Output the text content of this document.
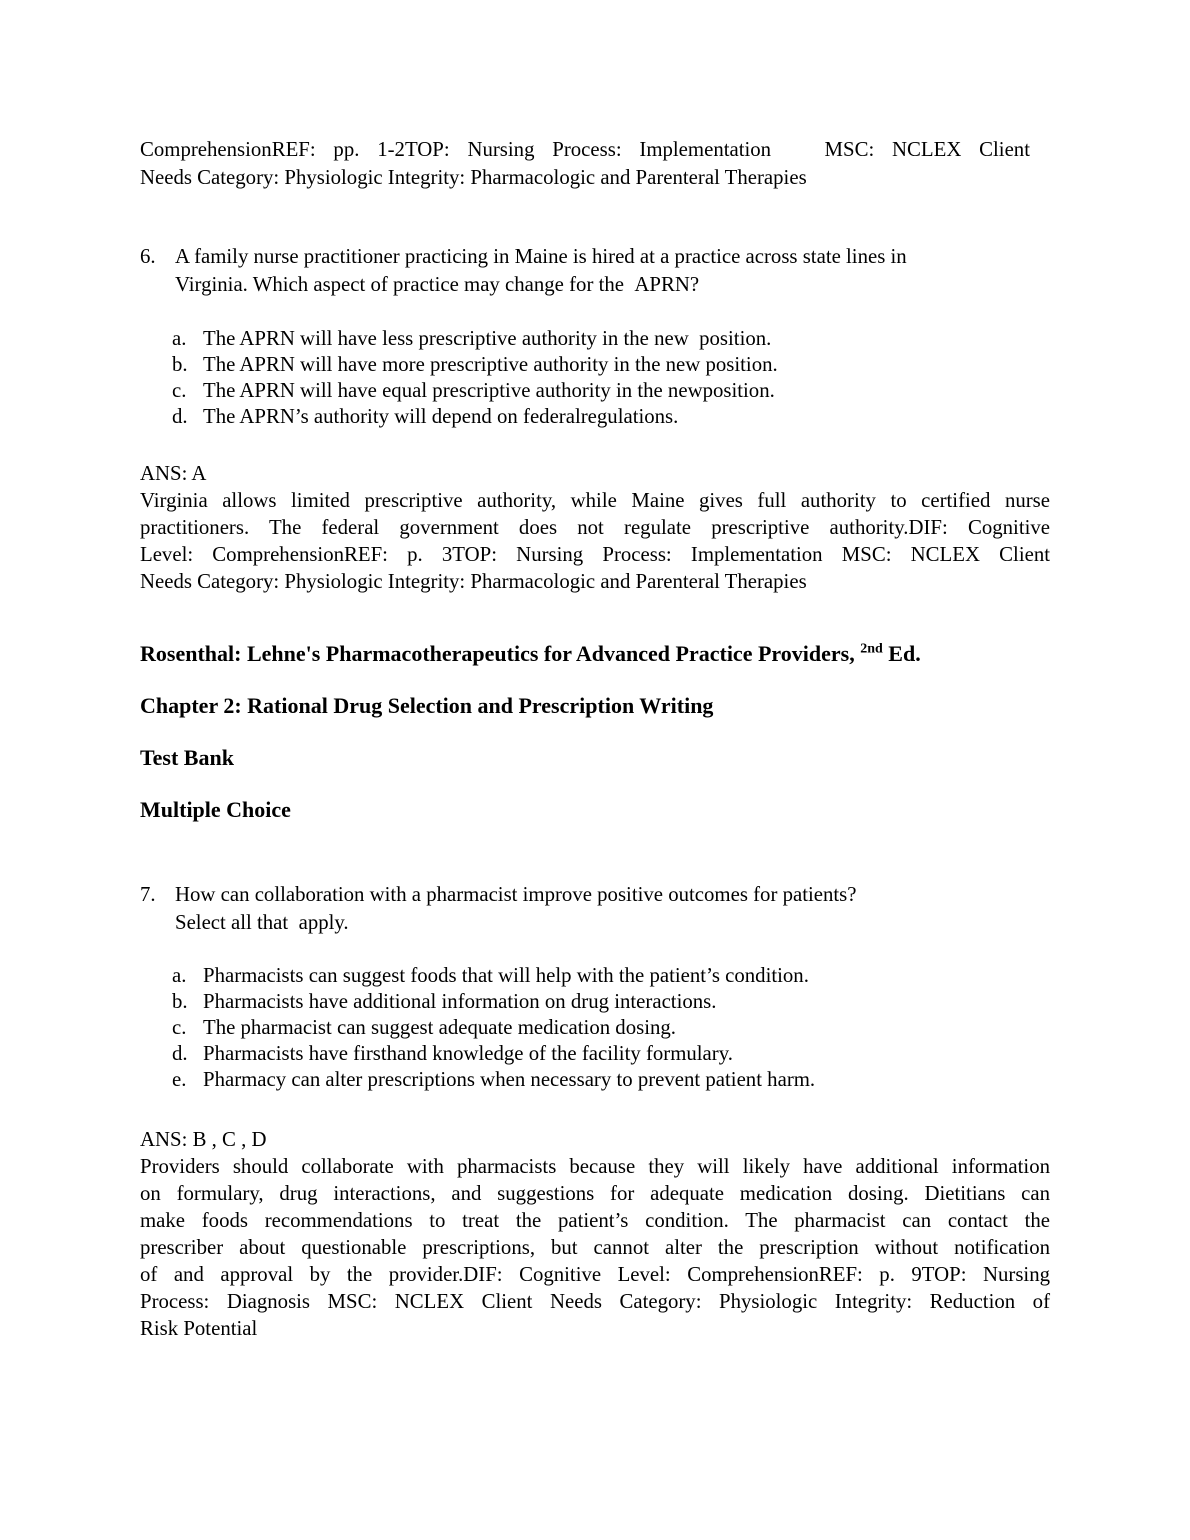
ComprehensionREF: pp. 1-2TOP: Nursing Process: Implementation   MSC: NCLEX Client
Needs Category: Physiologic Integrity: Pharmacologic and Parenteral Therapies
6. A family nurse practitioner practicing in Maine is hired at a practice across state lines in
Virginia. Which aspect of practice may change for the  APRN?
a. The APRN will have less prescriptive authority in the new  position.
b. The APRN will have more prescriptive authority in the new position.
c. The APRN will have equal prescriptive authority in the newposition.
d. The APRN’s authority will depend on federalregulations.
ANS: A
Virginia allows limited prescriptive authority, while Maine gives full authority to certified nurse
practitioners. The federal government does not regulate prescriptive authority.DIF: Cognitive
Level: ComprehensionREF: p. 3TOP: Nursing Process: Implementation MSC: NCLEX Client
Needs Category: Physiologic Integrity: Pharmacologic and Parenteral Therapies
Rosenthal: Lehne's Pharmacotherapeutics for Advanced Practice Providers, $^{2nd}$ Ed.
Chapter 2: Rational Drug Selection and Prescription Writing
Test Bank
Multiple Choice
7. How can collaboration with a pharmacist improve positive outcomes for patients?
Select all that  apply.
a. Pharmacists can suggest foods that will help with the patient’s condition.
b. Pharmacists have additional information on drug interactions.
c. The pharmacist can suggest adequate medication dosing.
d. Pharmacists have firsthand knowledge of the facility formulary.
e. Pharmacy can alter prescriptions when necessary to prevent patient harm.
ANS: B , C , D
Providers should collaborate with pharmacists because they will likely have additional information
on formulary, drug interactions, and suggestions for adequate medication dosing. Dietitians can
make foods recommendations to treat the patient’s condition. The pharmacist can contact the
prescriber about questionable prescriptions, but cannot alter the prescription without notification
of and approval by the provider.DIF: Cognitive Level: ComprehensionREF: p. 9TOP: Nursing
Process: Diagnosis MSC: NCLEX Client Needs Category: Physiologic Integrity: Reduction of
Risk Potential
